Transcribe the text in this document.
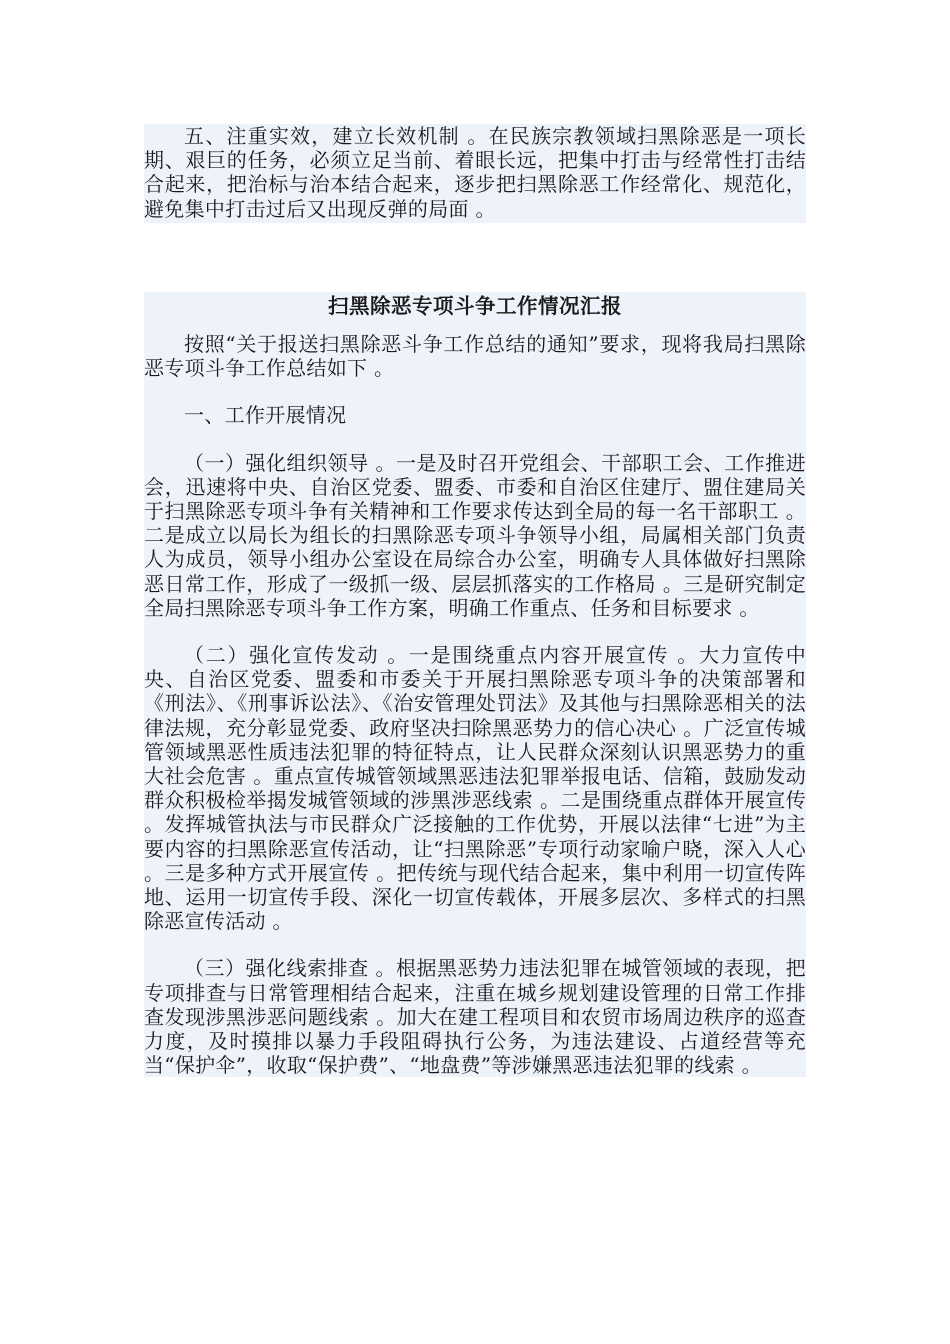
五、注重实效，建立长效机制 。在民族宗教领域扫黑除恶是一项长期、艰巨的任务，必须立足当前、着眼长远，把集中打击与经常性打击结合起来，把治标与治本结合起来，逐步把扫黑除恶工作经常化、规范化，避免集中打击过后又出现反弹的局面 。

扫黑除恶专项斗争工作情况汇报

按照“关于报送扫黑除恶斗争工作总结的通知”要求，现将我局扫黑除恶专项斗争工作总结如下 。

一、工作开展情况

（一）强化组织领导 。一是及时召开党组会、干部职工会、工作推进会，迅速将中央、自治区党委、盟委、市委和自治区住建厅、盟住建局关于扫黑除恶专项斗争有关精神和工作要求传达到全局的每一名干部职工 。二是成立以局长为组长的扫黑除恶专项斗争领导小组，局属相关部门负责人为成员，领导小组办公室设在局综合办公室，明确专人具体做好扫黑除恶日常工作，形成了一级抓一级、层层抓落实的工作格局 。三是研究制定全局扫黑除恶专项斗争工作方案，明确工作重点、任务和目标要求 。

（二）强化宣传发动 。一是围绕重点内容开展宣传 。大力宣传中央、自治区党委、盟委和市委关于开展扫黑除恶专项斗争的决策部署和《刑法》、《刑事诉讼法》、《治安管理处罚法》及其他与扫黑除恶相关的法律法规，充分彰显党委、政府坚决扫除黑恶势力的信心决心 。广泛宣传城管领域黑恶性质违法犯罪的特征特点，让人民群众深刻认识黑恶势力的重大社会危害 。重点宣传城管领域黑恶违法犯罪举报电话、信箱，鼓励发动群众积极检举揭发城管领域的涉黑涉恶线索 。二是围绕重点群体开展宣传 。发挥城管执法与市民群众广泛接触的工作优势，开展以法律“七进”为主要内容的扫黑除恶宣传活动，让“扫黑除恶”专项行动家喻户晓，深入人心 。三是多种方式开展宣传 。把传统与现代结合起来，集中利用一切宣传阵地、运用一切宣传手段、深化一切宣传载体，开展多层次、多样式的扫黑除恶宣传活动 。

（三）强化线索排查 。根据黑恶势力违法犯罪在城管领域的表现，把专项排查与日常管理相结合起来，注重在城乡规划建设管理的日常工作排查发现涉黑涉恶问题线索 。加大在建工程项目和农贸市场周边秩序的巡查力度，及时摸排以暴力手段阻碍执行公务，为违法建设、占道经营等充当“保护伞”，收取“保护费”、“地盘费”等涉嫌黑恶违法犯罪的线索 。
